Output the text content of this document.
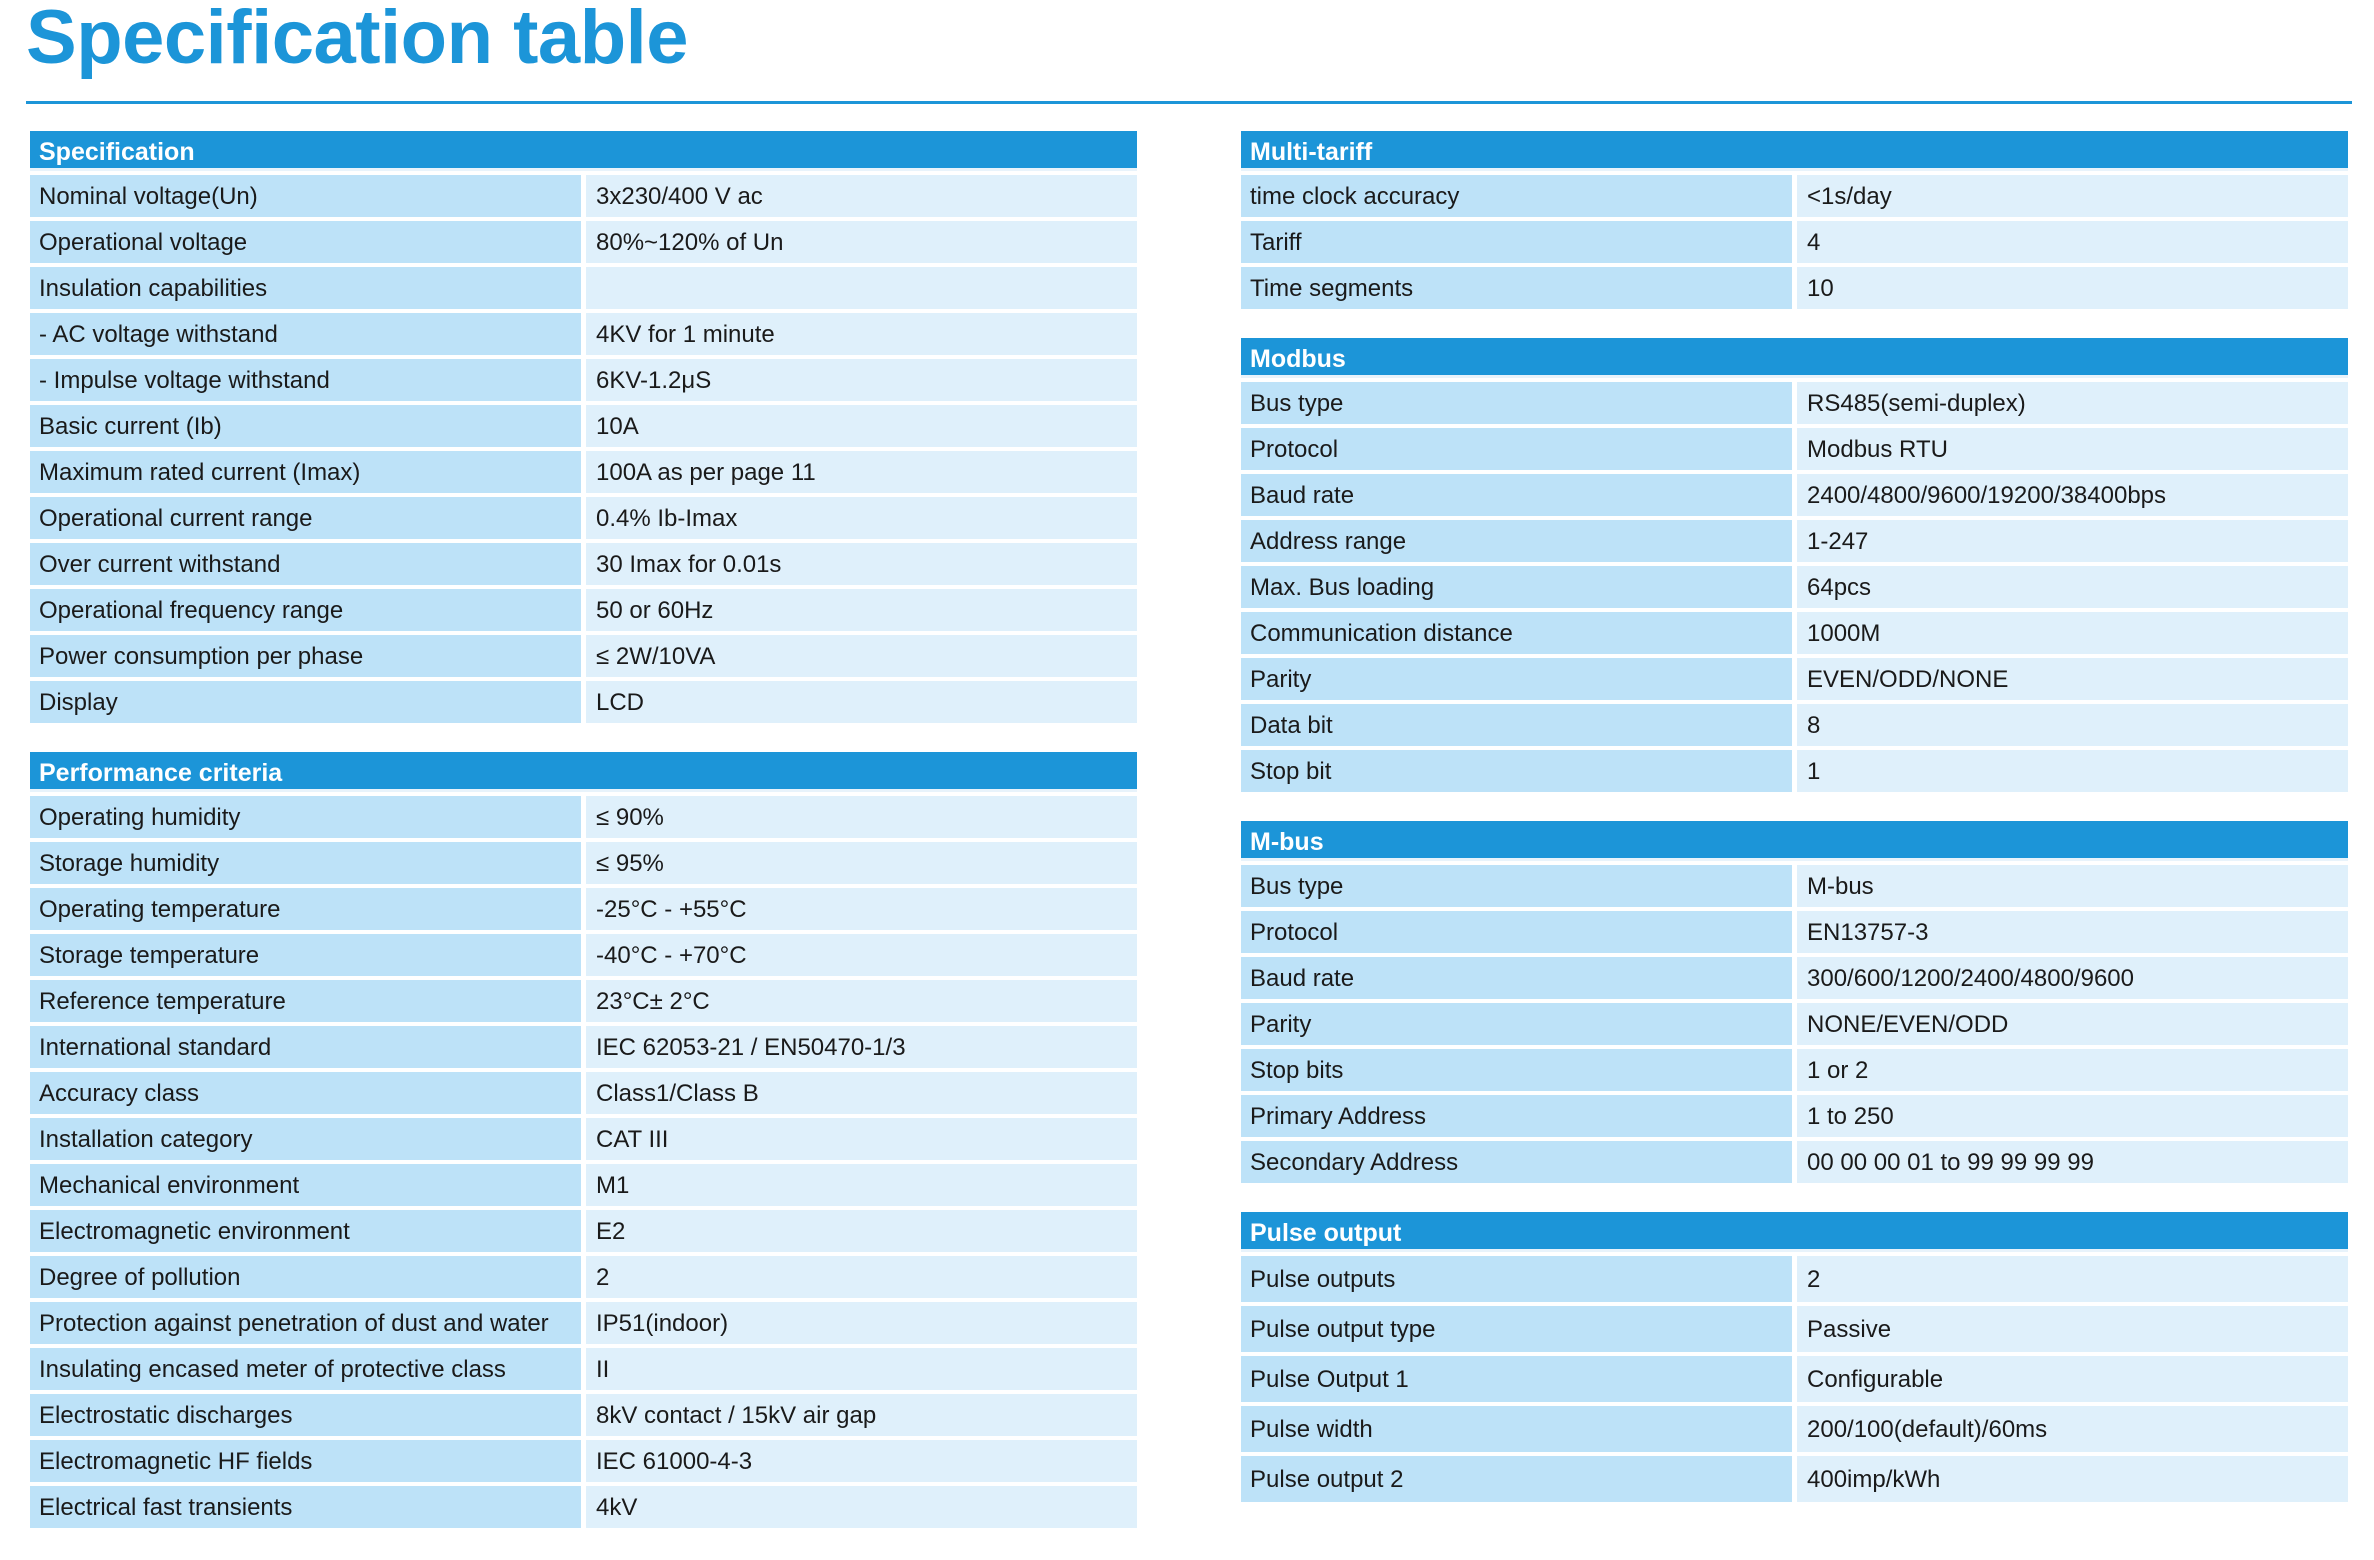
Specification table
Specification
Nominal voltage(Un)	3x230/400 V ac
Operational voltage	80%~120% of Un
Insulation capabilities
- AC voltage withstand	4KV for 1 minute
- Impulse voltage withstand	6KV-1.2μS
Basic current (Ib)	10A
Maximum rated current (Imax)	100A as per page 11
Operational current range	0.4% Ib-Imax
Over current withstand	30 Imax for 0.01s
Operational frequency range	50 or 60Hz
Power consumption per phase	≤ 2W/10VA
Display	LCD
Performance criteria
Operating humidity	≤ 90%
Storage humidity	≤ 95%
Operating temperature	-25°C - +55°C
Storage temperature	-40°C - +70°C
Reference temperature	23°C± 2°C
International standard	IEC 62053-21 / EN50470-1/3
Accuracy class	Class1/Class B
Installation category	CAT III
Mechanical environment	M1
Electromagnetic environment	E2
Degree of pollution	2
Protection against penetration of dust and water	IP51(indoor)
Insulating encased meter of protective class	II
Electrostatic discharges	8kV contact / 15kV air gap
Electromagnetic HF fields	IEC 61000-4-3
Electrical fast transients	4kV
Multi-tariff
time clock accuracy	<1s/day
Tariff	4
Time segments	10
Modbus
Bus type	RS485(semi-duplex)
Protocol	Modbus RTU
Baud rate	2400/4800/9600/19200/38400bps
Address range	1-247
Max. Bus loading	64pcs
Communication distance	1000M
Parity	EVEN/ODD/NONE
Data bit	8
Stop bit	1
M-bus
Bus type	M-bus
Protocol	EN13757-3
Baud rate	300/600/1200/2400/4800/9600
Parity	NONE/EVEN/ODD
Stop bits	1 or 2
Primary Address	1 to 250
Secondary Address	00 00 00 01 to 99 99 99 99
Pulse output
Pulse outputs	2
Pulse output type	Passive
Pulse Output 1	Configurable
Pulse width	200/100(default)/60ms
Pulse output 2	400imp/kWh
